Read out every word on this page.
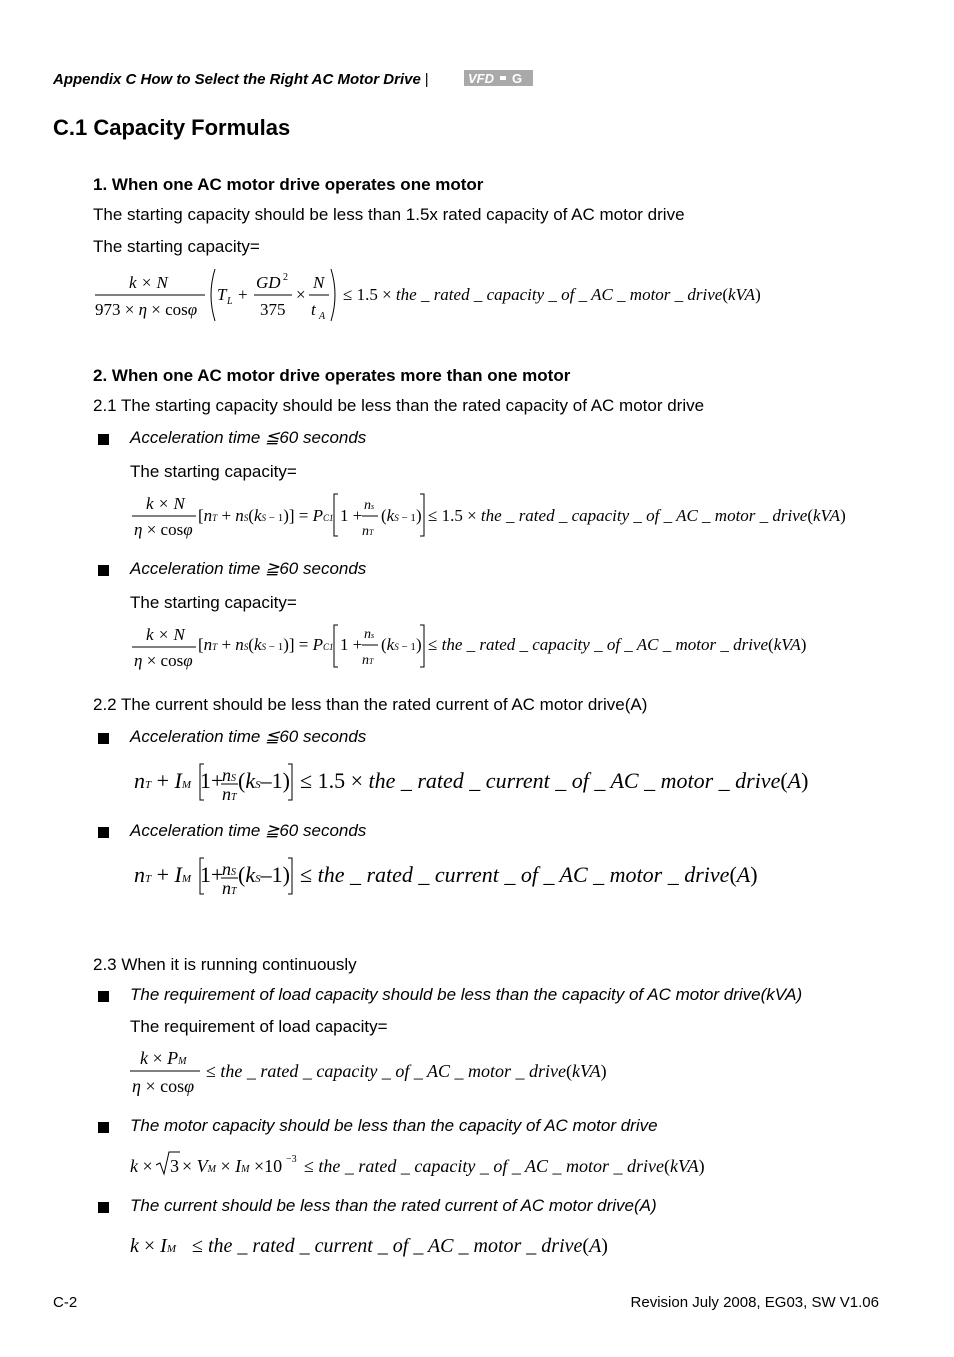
Appendix C How to Select the Right AC Motor Drive |	VFD G
C.1 Capacity Formulas
1. When one AC motor drive operates one motor
The starting capacity should be less than 1.5x rated capacity of AC motor drive
The starting capacity=
k × N
973 × η × cosφ
T L +
GD 2
375
×
N
t A
≤ 1.5 × the _ rated _ capacity _ of _ AC _ motor _ drive(kVA)
2. When one AC motor drive operates more than one motor
2.1 The starting capacity should be less than the rated capacity of AC motor drive
Acceleration time ≦60 seconds
The starting capacity=
k × N
η × cosφ
[nT + nS(kS − 1)] = PC1 1 +
ns
nT
(kS − 1) ≤ 1.5 × the _ rated _ capacity _ of _ AC _ motor _ drive(kVA)
Acceleration time ≧60 seconds
The starting capacity=
k × N
η × cosφ
[nT + nS(kS − 1)] = PC1 1 +
ns
nT
(kS − 1) ≤ the _ rated _ capacity _ of _ AC _ motor _ drive(kVA)
2.2 The current should be less than the rated current of AC motor drive(A)
Acceleration time ≦60 seconds
nT + IM 1+
nS
nT
(kS–1) ≤ 1.5 × the _ rated _ current _ of _ AC _ motor _ drive(A)
Acceleration time ≧60 seconds
nT + IM 1+
nS
nT
(kS–1) ≤ the _ rated _ current _ of _ AC _ motor _ drive(A)
2.3 When it is running continuously
The requirement of load capacity should be less than the capacity of AC motor drive(kVA)
The requirement of load capacity=
k × PM
η × cosφ
≤ the _ rated _ capacity _ of _ AC _ motor _ drive(kVA)
The motor capacity should be less than the capacity of AC motor drive
k × 3 × VM × IM ×10 −3 ≤ the _ rated _ capacity _ of _ AC _ motor _ drive(kVA)
The current should be less than the rated current of AC motor drive(A)
k × IM ≤ the _ rated _ current _ of _ AC _ motor _ drive(A)
C-2	Revision July 2008, EG03, SW V1.06
